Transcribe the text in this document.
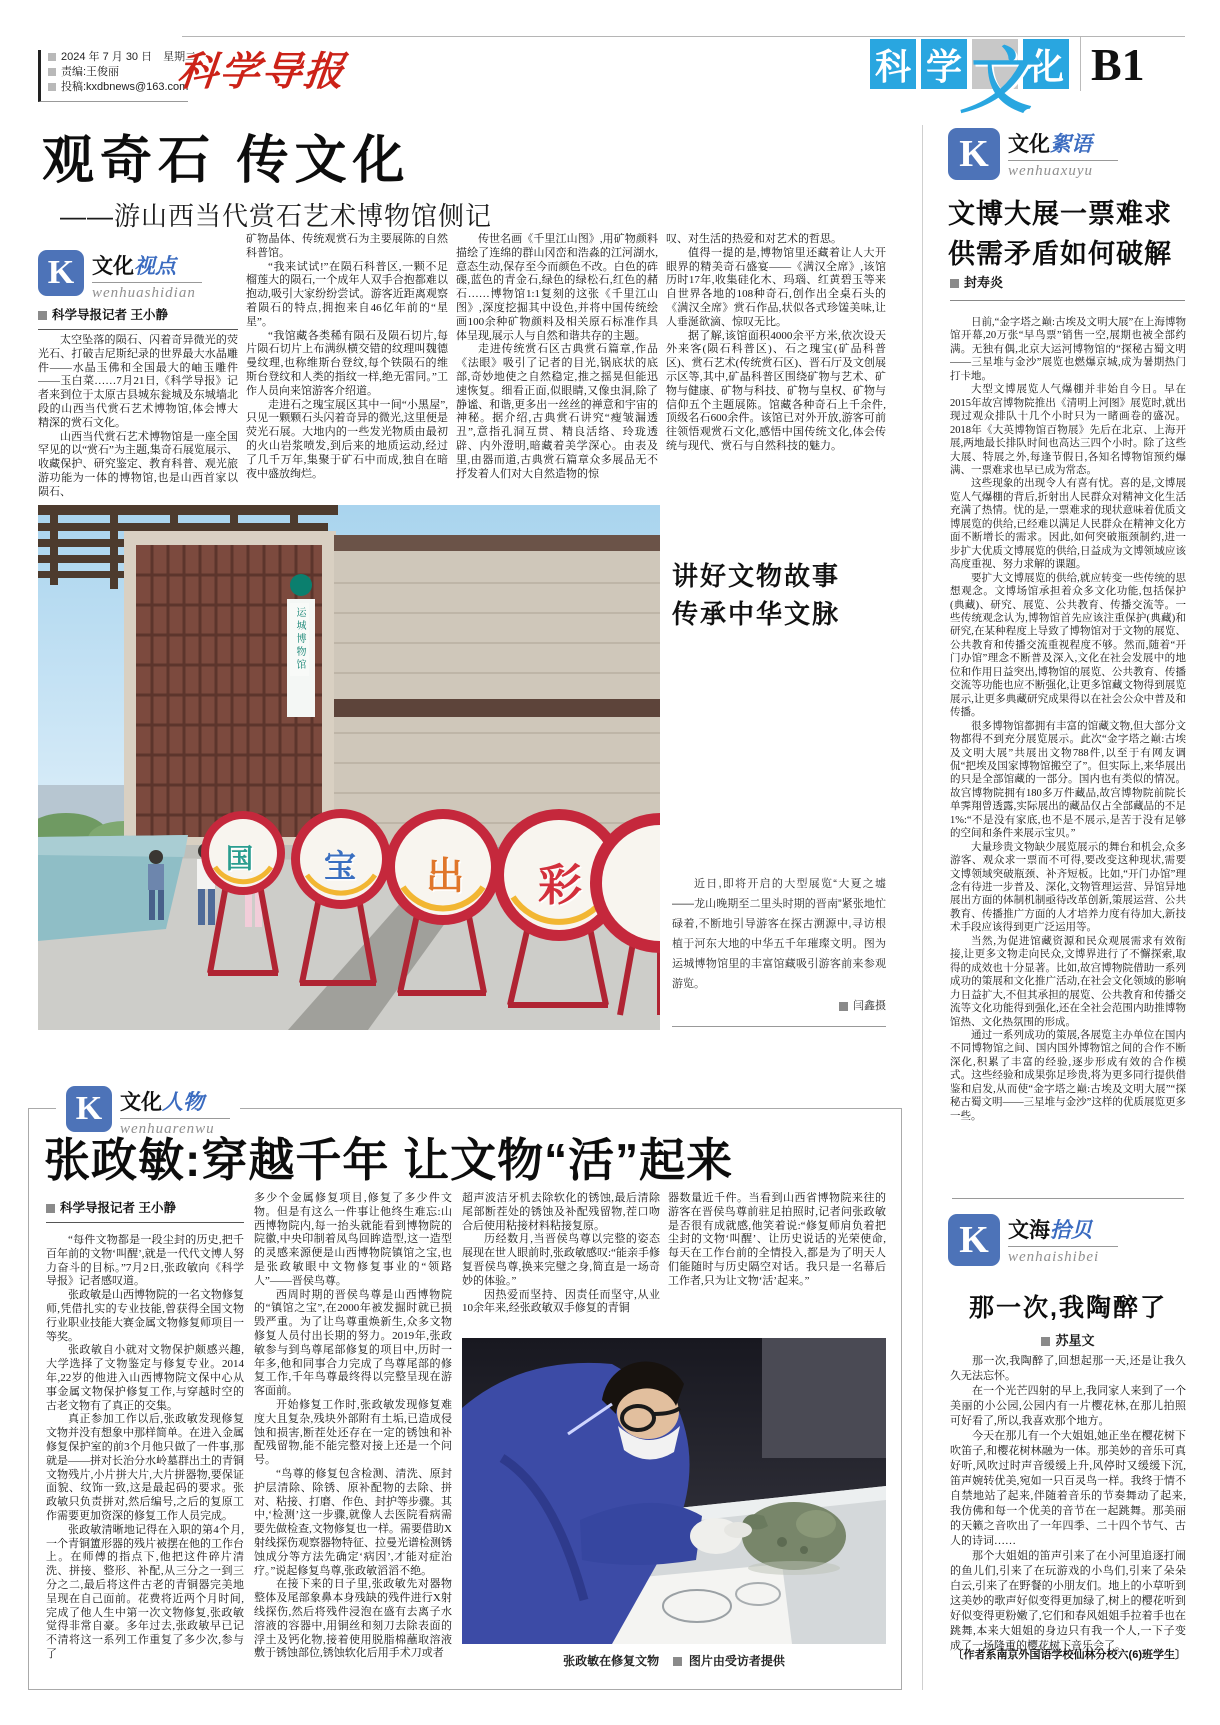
2024 年 7 月 30 日　星期二
责编:王俊丽
投稿:kxdbnews@163.com
科学导报	科 学
文
化 B1
观奇石 传文化
——游山西当代赏石艺术博物馆侧记
K 文化视点
wenhuashidian
科学导报记者 王小静

太空坠落的陨石、闪着奇异微光的荧光石、打破吉尼斯纪录的世界最大水晶雕件——水晶玉佛和全国最大的岫玉雕件——玉白菜……7月21日,《科学导报》记者来到位于太原古县城东瓮城及东城墙北段的山西当代赏石艺术博物馆,体会博大精深的赏石文化。

山西当代赏石艺术博物馆是一座全国罕见的以“赏石”为主题,集奇石展览展示、收藏保护、研究鉴定、教育科普、观光旅游功能为一体的博物馆,也是山西首家以陨石、

矿物晶体、传统观赏石为主要展陈的自然科普馆。

“我来试试!”在陨石科普区,一颗不足榴莲大的陨石,一个成年人双手合抱都难以抱动,吸引大家纷纷尝试。游客近距离观察着陨石的特点,拥抱来自46亿年前的“星星”。

“我馆藏各类稀有陨石及陨石切片,每片陨石切片上布满纵横交错的纹理叫魏德曼纹理,也称维斯台登纹,每个铁陨石的维斯台登纹和人类的指纹一样,绝无雷同。”工作人员向来馆游客介绍道。

走进石之瑰宝展区其中一间“小黑屋”,只见一颗颗石头闪着奇异的微光,这里便是荧光石展。大地内的一些发光物质由最初的火山岩浆喷发,到后来的地质运动,经过了几千万年,集聚于矿石中而成,独自在暗夜中盛放绚烂。

传世名画《千里江山图》,用矿物颜料描绘了连绵的群山冈峦和浩淼的江河湖水,意态生动,保存至今而颜色不改。白色的砗磲,蓝色的青金石,绿色的绿松石,红色的赭石……博物馆1:1复刻的这张《千里江山图》,深度挖掘其中设色,并将中国传统绘画100余种矿物颜料及相关原石标准作具体呈现,展示人与自然和谐共存的主题。

走进传统赏石区古典赏石篇章,作品《法眼》吸引了记者的目光,锅底状的底部,奇妙地使之自然稳定,推之摇晃但能迅速恢复。细看正面,似眼睛,又像虫洞,除了静谧、和谐,更多出一丝丝的禅意和宇宙的神秘。据介绍,古典赏石讲究“瘦皱漏透丑”,意指孔洞互贯、精良活络、玲珑透辟、内外澄明,暗藏着美学深心。由表及里,由器而道,古典赏石篇章众多展品无不抒发着人们对大自然造物的惊

叹、对生活的热爱和对艺术的哲思。

值得一提的是,博物馆里还藏着让人大开眼界的精美奇石盛宴——《满汉全席》,该馆历时17年,收集硅化木、玛瑙、红黄碧玉等来自世界各地的108种奇石,创作出全桌石头的《满汉全席》赏石作品,状似各式珍馐美味,让人垂涎欲滴、惊叹无比。

据了解,该馆面积4000余平方米,依次设天外来客(陨石科普区)、石之瑰宝(矿品科普区)、赏石艺术(传统赏石区)、晋石厅及文创展示区等,其中,矿晶科普区围绕矿物与艺术、矿物与健康、矿物与科技、矿物与皇权、矿物与信仰五个主题展陈。馆藏各种奇石上千余件,顶级名石600余件。该馆已对外开放,游客可前往领悟观赏石文化,感悟中国传统文化,体会传统与现代、赏石与自然科技的魅力。

运城博物馆
国 宝 出 彩
讲好文物故事
传承中华文脉
近日,即将开启的大型展览“大夏之墟——龙山晚期至二里头时期的晋南”紧张地忙碌着,不断地引导游客在探古溯源中,寻访根植于河东大地的中华五千年璀璨文明。图为运城博物馆里的丰富馆藏吸引游客前来参观游览。
闫鑫摄
K 文化人物
wenhuarenwu
张政敏:穿越千年 让文物“活”起来
科学导报记者 王小静

“每件文物都是一段尘封的历史,把千百年前的文物‘叫醒’,就是一代代文博人努力奋斗的目标。”7月2日,张政敏向《科学导报》记者感叹道。

张政敏是山西博物院的一名文物修复师,凭借扎实的专业技能,曾获得全国文物行业职业技能大赛金属文物修复师项目一等奖。

张政敏自小就对文物保护颇感兴趣,大学选择了文物鉴定与修复专业。2014年,22岁的他进入山西博物院文保中心从事金属文物保护修复工作,与穿越时空的古老文物有了真正的交集。

真正参加工作以后,张政敏发现修复文物并没有想象中那样简单。在进入金属修复保护室的前3个月他只做了一件事,那就是——拼对长治分水岭墓群出土的青铜文物残片,小片拼大片,大片拼器物,要保证面貌、纹饰一致,这是最起码的要求。张政敏只负责拼对,然后编号,之后的复原工作需要更加资深的修复工作人员完成。

张政敏清晰地记得在入职的第4个月,一个青铜簠形器的残片被摆在他的工作台上。在师傅的指点下,他把这件碎片清洗、拼接、整形、补配,从三分之一到三分之二,最后将这件古老的青铜器完美地呈现在自己面前。花费将近两个月时间,完成了他人生中第一次文物修复,张政敏觉得非常自豪。多年过去,张政敏早已记不清将这一系列工作重复了多少次,参与了

多少个金属修复项目,修复了多少件文物。但是有这么一件事让他终生难忘:山西博物院内,每一抬头就能看到博物院的院徽,中央印制着凤鸟回眸造型,这一造型的灵感来源便是山西博物院镇馆之宝,也是张政敏眼中文物修复事业的“领路人”——晋侯鸟尊。

西周时期的晋侯鸟尊是山西博物院的“镇馆之宝”,在2000年被发掘时就已损毁严重。为了让鸟尊重焕新生,众多文物修复人员付出长期的努力。2019年,张政敏参与到鸟尊尾部修复的项目中,历时一年多,他和同事合力完成了鸟尊尾部的修复工作,千年鸟尊最终得以完整呈现在游客面前。

开始修复工作时,张政敏发现修复难度大且复杂,残块外部附有土垢,已造成侵蚀和损害,断茬处还存在一定的锈蚀和补配残留物,能不能完整对接上还是一个问号。

“鸟尊的修复包含检测、清洗、原封护层清除、除锈、原补配物的去除、拼对、粘接、打磨、作色、封护等步骤。其中,‘检测’这一步骤,就像人去医院看病需要先做检查,文物修复也一样。需要借助X射线探伤观察器物特征、拉曼光谱检测锈蚀成分等方法先确定‘病因’,才能对症治疗。”说起修复鸟尊,张政敏滔滔不绝。

在接下来的日子里,张政敏先对器物整体及尾部象鼻本身残缺的残件进行X射线探伤,然后将残件浸泡在盛有去离子水溶液的容器中,用铜丝和刻刀去除表面的浮土及钙化物,接着使用脱脂棉蘸取溶液敷于锈蚀部位,锈蚀软化后用手术刀或者

超声波洁牙机去除软化的锈蚀,最后清除尾部断茬处的锈蚀及补配残留物,茬口吻合后使用粘接材料粘接复原。

历经数月,当晋侯鸟尊以完整的姿态展现在世人眼前时,张政敏感叹:“能亲手修复晋侯鸟尊,换来完璧之身,简直是一场奇妙的体验。”

因热爱而坚持、因责任而坚守,从业10余年来,经张政敏双手修复的青铜

器数量近千件。当看到山西省博物院来往的游客在晋侯鸟尊前驻足拍照时,记者问张政敏是否很有成就感,他笑着说:“修复师肩负着把尘封的文物‘叫醒’、让历史说话的光荣使命,每天在工作台前的全情投入,都是为了明天人们能随时与历史隔空对话。我只是一名幕后工作者,只为让文物‘活’起来。”

张政敏在修复文物 图片由受访者提供
K 文化絮语
wenhuaxuyu
文博大展一票难求
供需矛盾如何破解
封寿炎

日前,“金字塔之巅:古埃及文明大展”在上海博物馆开幕,20万张“早鸟票”销售一空,展期也被全部约满。无独有偶,北京大运河博物馆的“探秘古蜀文明——三星堆与金沙”展览也燃爆京城,成为暑期热门打卡地。

大型文博展览人气爆棚并非始自今日。早在2015年故宫博物院推出《清明上河图》展览时,就出现过观众排队十几个小时只为一睹画卷的盛况。2018年《大英博物馆百物展》先后在北京、上海开展,两地最长排队时间也高达三四个小时。除了这些大展、特展之外,每逢节假日,各知名博物馆预约爆满、一票难求也早已成为常态。

这些现象的出现令人有喜有忧。喜的是,文博展览人气爆棚的背后,折射出人民群众对精神文化生活充满了热情。忧的是,一票难求的现状意味着优质文博展览的供给,已经难以满足人民群众在精神文化方面不断增长的需求。因此,如何突破瓶颈制约,进一步扩大优质文博展览的供给,日益成为文博领域应该高度重视、努力求解的课题。

要扩大文博展览的供给,就应转变一些传统的思想观念。文博场馆承担着众多文化功能,包括保护(典藏)、研究、展览、公共教育、传播交流等。一些传统观念认为,博物馆首先应该注重保护(典藏)和研究,在某种程度上导致了博物馆对于文物的展览、公共教育和传播交流重视程度不够。然而,随着“开门办馆”理念不断普及深入,文化在社会发展中的地位和作用日益突出,博物馆的展览、公共教育、传播交流等功能也应不断强化,让更多馆藏文物得到展览展示,让更多典藏研究成果得以在社会公众中普及和传播。

很多博物馆都拥有丰富的馆藏文物,但大部分文物都得不到充分展览展示。此次“金字塔之巅:古埃及文明大展”共展出文物788件,以至于有网友调侃“把埃及国家博物馆搬空了”。但实际上,来华展出的只是全部馆藏的一部分。国内也有类似的情况。故宫博物院拥有180多万件藏品,故宫博物院前院长单霁翔曾透露,实际展出的藏品仅占全部藏品的不足1%:“不是没有家底,也不是不展示,是苦于没有足够的空间和条件来展示宝贝。”

大量珍贵文物缺少展览展示的舞台和机会,众多游客、观众求一票而不可得,要改变这种现状,需要文博领域突破瓶颈、补齐短板。比如,“开门办馆”理念有待进一步普及、深化,文物管理运营、异馆异地展出方面的体制机制亟待改革创新,策展运营、公共教育、传播推广方面的人才培养力度有待加大,新技术手段应该得到更广泛运用等。

当然,为促进馆藏资源和民众观展需求有效衔接,让更多文物走向民众,文博界进行了不懈探索,取得的成效也十分显著。比如,故宫博物院借助一系列成功的策展和文化推广活动,在社会文化领域的影响力日益扩大,不但其承担的展览、公共教育和传播交流等文化功能得到强化,还在全社会范围内助推博物馆热、文化热氛围的形成。

通过一系列成功的策展,各展览主办单位在国内不同博物馆之间、国内国外博物馆之间的合作不断深化,积累了丰富的经验,逐步形成有效的合作模式。这些经验和成果弥足珍贵,将为更多同行提供借鉴和启发,从而使“金字塔之巅:古埃及文明大展”“探秘古蜀文明——三星堆与金沙”这样的优质展览更多一些。

K 文海拾贝
wenhaishibei
那一次,我陶醉了
苏星文

那一次,我陶醉了,回想起那一天,还是让我久久无法忘怀。

在一个光芒四射的早上,我同家人来到了一个美丽的小公园,公园内有一片樱花林,在那儿拍照可好看了,所以,我喜欢那个地方。

今天在那儿有一个大姐姐,她正坐在樱花树下吹笛子,和樱花树林融为一体。那美妙的音乐可真好听,风吹过时声音缓缓上升,风停时又缓缓下沉,笛声婉转优美,宛如一只百灵鸟一样。我终于情不自禁地站了起来,伴随着音乐的节奏舞动了起来,我仿佛和每一个优美的音节在一起跳舞。那美丽的天籁之音吹出了一年四季、二十四个节气、古人的诗词……

那个大姐姐的笛声引来了在小河里追逐打闹的鱼儿们,引来了在玩游戏的小鸟们,引来了朵朵白云,引来了在野餐的小朋友们。地上的小草听到这美妙的歌声好似变得更加绿了,树上的樱花听到好似变得更粉嫩了,它们和春风姐姐手拉着手也在跳舞,本来大姐姐的身边只有我一个人,一下子变成了一场隆重的樱花树下音乐会了。

〔作者系南京外国语学校仙林分校六(6)班学生〕
